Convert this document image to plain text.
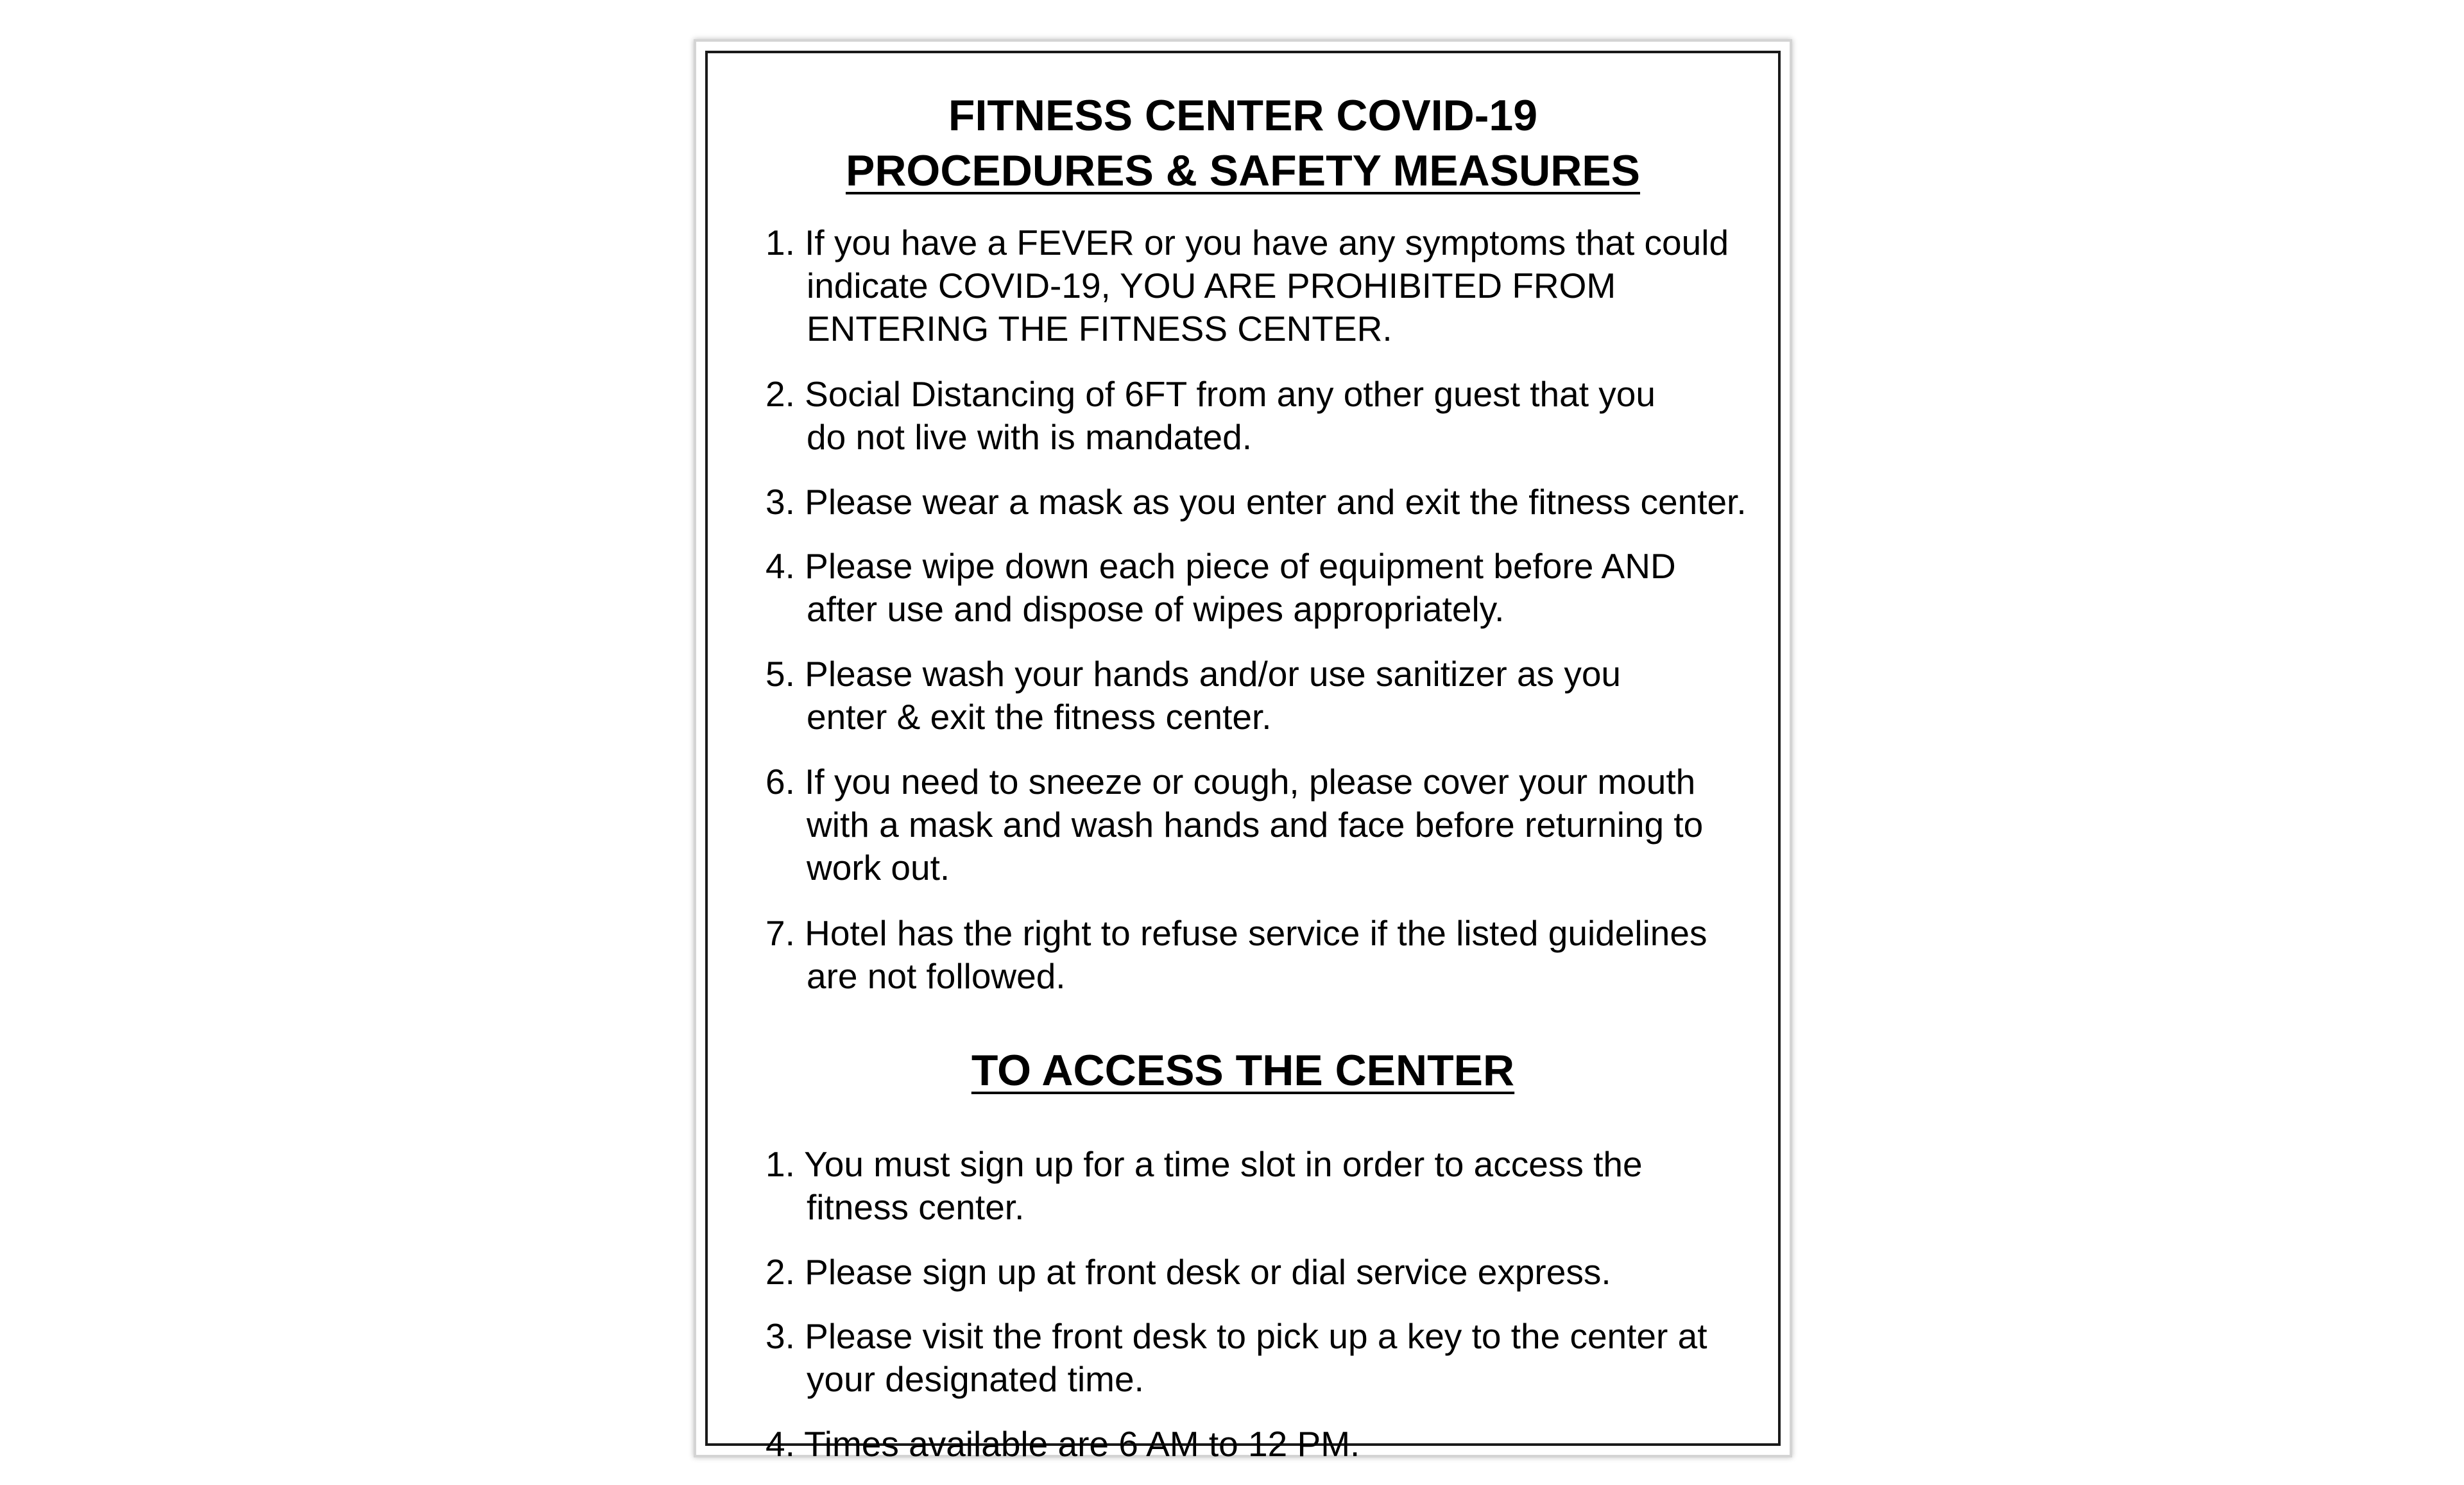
FITNESS CENTER COVID-19
PROCEDURES & SAFETY MEASURES
1. If you have a FEVER or you have any symptoms that could
indicate COVID-19, YOU ARE PROHIBITED FROM
ENTERING THE FITNESS CENTER.
2. Social Distancing of 6FT from any other guest that you
do not live with is mandated.
3. Please wear a mask as you enter and exit the fitness center.
4. Please wipe down each piece of equipment before AND
after use and dispose of wipes appropriately.
5. Please wash your hands and/or use sanitizer as you
enter & exit the fitness center.
6. If you need to sneeze or cough, please cover your mouth
with a mask and wash hands and face before returning to
work out.
7. Hotel has the right to refuse service if the listed guidelines
are not followed.
TO ACCESS THE CENTER
1. You must sign up for a time slot in order to access the
fitness center.
2. Please sign up at front desk or dial service express.
3. Please visit the front desk to pick up a key to the center at
your designated time.
4. Times available are 6 AM to 12 PM.
